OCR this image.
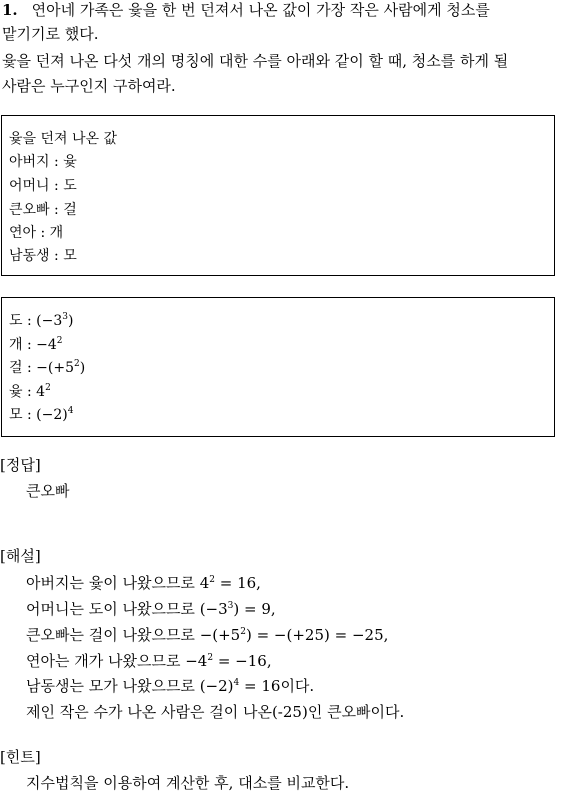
1. 연아네 가족은 윷을 한 번 던져서 나온 값이 가장 작은 사람에게 청소를
맡기기로 했다.
윷을 던져 나온 다섯 개의 명칭에 대한 수를 아래와 같이 할 때, 청소를 하게 될
사람은 누구인지 구하여라.
윷을 던져 나온 값
아버지 : 윷
어머니 : 도
큰오빠 : 걸
연아 : 개
남동생 : 모
도 : $(-3^3)$
개 : $-4^2$
걸 : $-(+5^2)$
윷 : $4^2$
모 : $(-2)^4$
[정답]
큰오빠
[해설]
아버지는 윷이 나왔으므로 $4^2 = 16$,
어머니는 도이 나왔으므로 $(-3^3) = 9$,
큰오빠는 걸이 나왔으므로 $-(+5^2) = -(+25) = -25$,
연아는 개가 나왔으므로 $-4^2 = -16$,
남동생는 모가 나왔으므로 $(-2)^4 = 16$이다.
제인 작은 수가 나온 사람은 걸이 나온(-25)인 큰오빠이다.
[힌트]
지수법칙을 이용하여 계산한 후, 대소를 비교한다.
